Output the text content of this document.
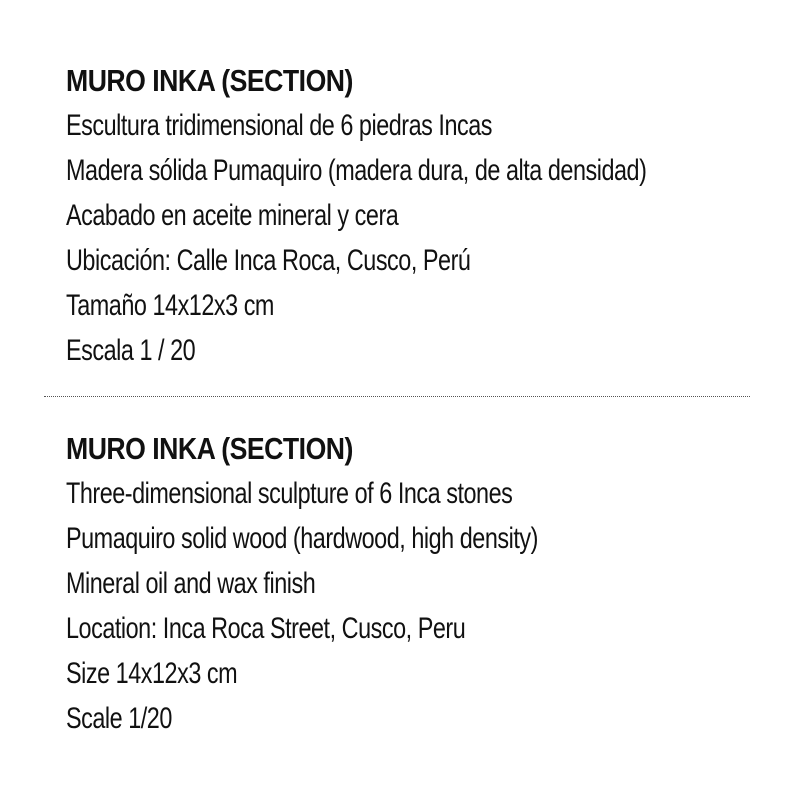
MURO INKA (SECTION)
Escultura tridimensional de 6 piedras Incas
Madera sólida Pumaquiro (madera dura, de alta densidad)
Acabado en aceite mineral y cera
Ubicación: Calle Inca Roca, Cusco, Perú
Tamaño 14x12x3 cm
Escala 1 / 20
MURO INKA (SECTION)
Three-dimensional sculpture of 6 Inca stones
Pumaquiro solid wood (hardwood, high density)
Mineral oil and wax finish
Location: Inca Roca Street, Cusco, Peru
Size 14x12x3 cm
Scale 1/20
